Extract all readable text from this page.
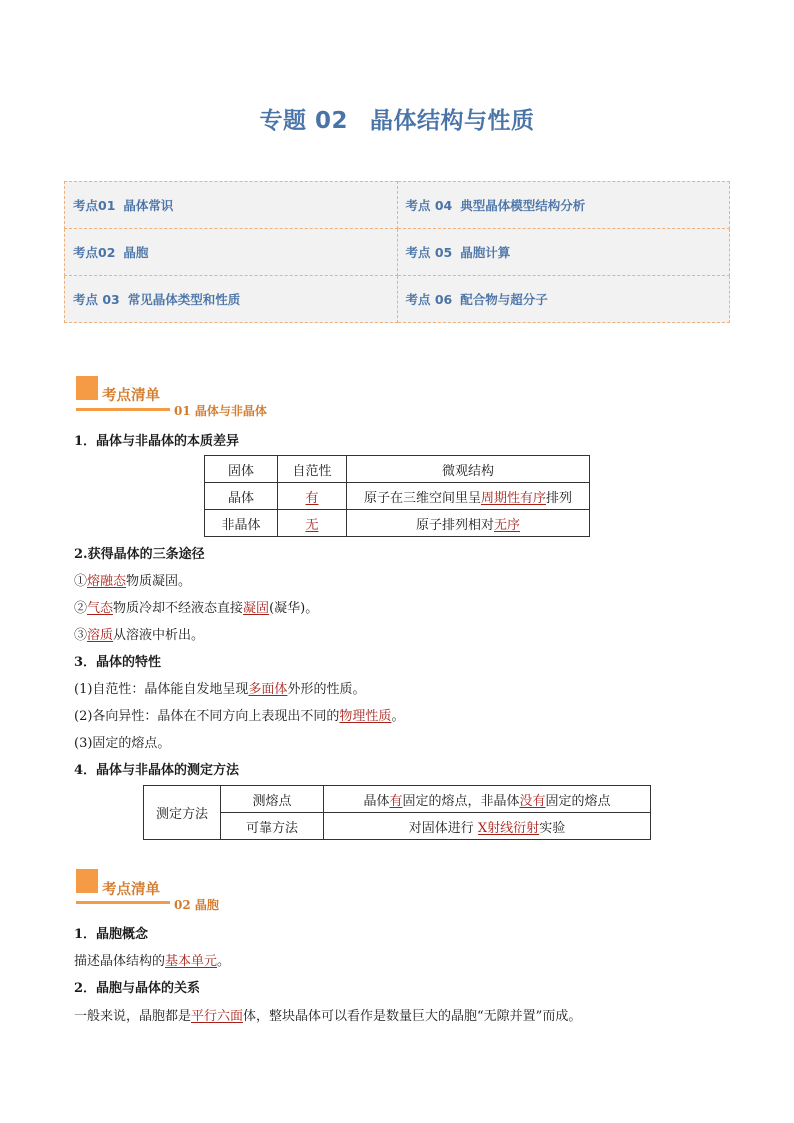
专题 02 晶体结构与性质
考点01 晶体常识	考点 04 典型晶体模型结构分析
考点02 晶胞	考点 05 晶胞计算
考点 03 常见晶体类型和性质	考点 06 配合物与超分子
考点清单
01 晶体与非晶体
1．晶体与非晶体的本质差异
固体	自范性	微观结构
晶体	有	原子在三维空间里呈周期性有序排列
非晶体	无	原子排列相对无序
2.获得晶体的三条途径
①熔融态物质凝固。
②气态物质冷却不经液态直接凝固(凝华)。
③溶质从溶液中析出。
3．晶体的特性
(1)自范性：晶体能自发地呈现多面体外形的性质。
(2)各向异性：晶体在不同方向上表现出不同的物理性质。
(3)固定的熔点。
4．晶体与非晶体的测定方法
测定方法	测熔点	晶体有固定的熔点，非晶体没有固定的熔点
	可靠方法	对固体进行 X射线衍射实验
考点清单
02 晶胞
1．晶胞概念
描述晶体结构的基本单元。
2．晶胞与晶体的关系
一般来说，晶胞都是平行六面体，整块晶体可以看作是数量巨大的晶胞“无隙并置”而成。
